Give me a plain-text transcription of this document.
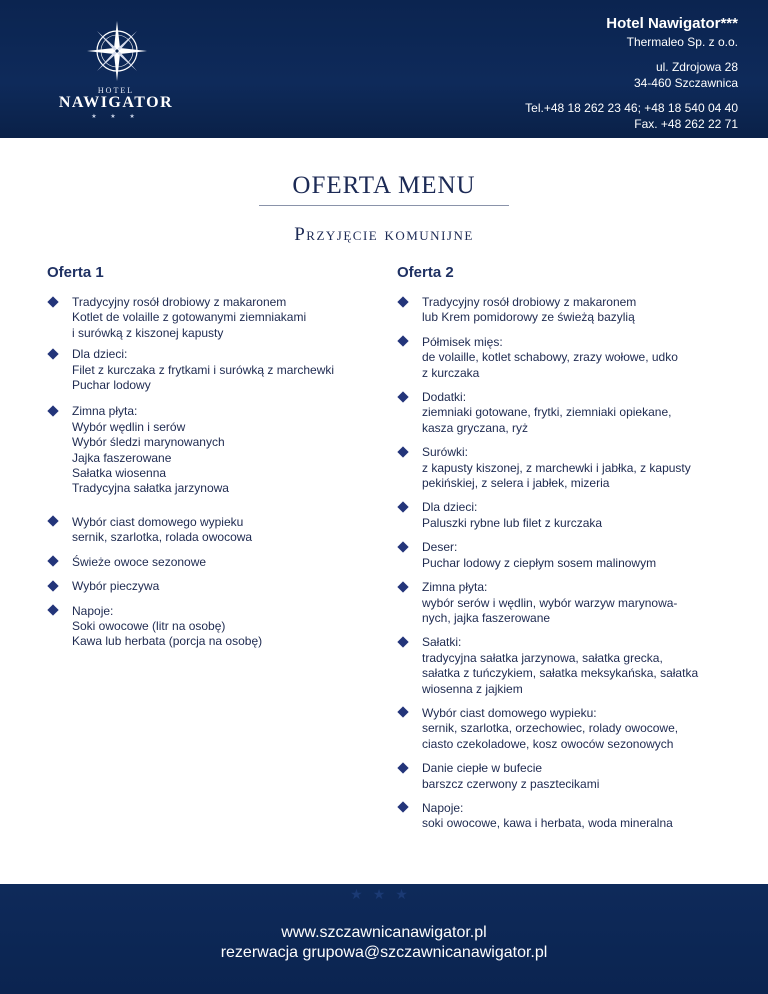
HOTEL
NAWIGATOR
★ ★ ★
Hotel Nawigator***
Thermaleo Sp. z o.o.
ul. Zdrojowa 28
34-460 Szczawnica
Tel.+48 18 262 23 46; +48 18 540 04 40
Fax. +48 262 22 71
OFERTA MENU
Przyjęcie komunijne
Oferta 1
Tradycyjny rosół drobiowy z makaronem
Kotlet de volaille z gotowanymi ziemniakami
i surówką z kiszonej kapusty
Dla dzieci:
Filet z kurczaka z frytkami i surówką z marchewki
Puchar lodowy
Zimna płyta:
Wybór wędlin i serów
Wybór śledzi marynowanych
Jajka faszerowane
Sałatka wiosenna
Tradycyjna sałatka jarzynowa
Wybór ciast domowego wypieku
sernik, szarlotka, rolada owocowa
Świeże owoce sezonowe
Wybór pieczywa
Napoje:
Soki owocowe (litr na osobę)
Kawa lub herbata (porcja na osobę)
Oferta 2
Tradycyjny rosół drobiowy z makaronem
lub Krem pomidorowy ze świeżą bazylią
Półmisek mięs:
de volaille, kotlet schabowy, zrazy wołowe, udko
z kurczaka
Dodatki:
ziemniaki gotowane, frytki, ziemniaki opiekane,
kasza gryczana, ryż
Surówki:
z kapusty kiszonej, z marchewki i jabłka, z kapusty
pekińskiej, z selera i jabłek, mizeria
Dla dzieci:
Paluszki rybne lub filet z kurczaka
Deser:
Puchar lodowy z ciepłym sosem malinowym
Zimna płyta:
wybór serów i wędlin, wybór warzyw marynowa-
nych, jajka faszerowane
Sałatki:
tradycyjna sałatka jarzynowa, sałatka grecka,
sałatka z tuńczykiem, sałatka meksykańska, sałatka
wiosenna z jajkiem
Wybór ciast domowego wypieku:
sernik, szarlotka, orzechowiec, rolady owocowe,
ciasto czekoladowe, kosz owoców sezonowych
Danie ciepłe w bufecie
barszcz czerwony z pasztecikami
Napoje:
soki owocowe, kawa i herbata, woda mineralna
★★★
www.szczawnicanawigator.pl
rezerwacja grupowa@szczawnicanawigator.pl
